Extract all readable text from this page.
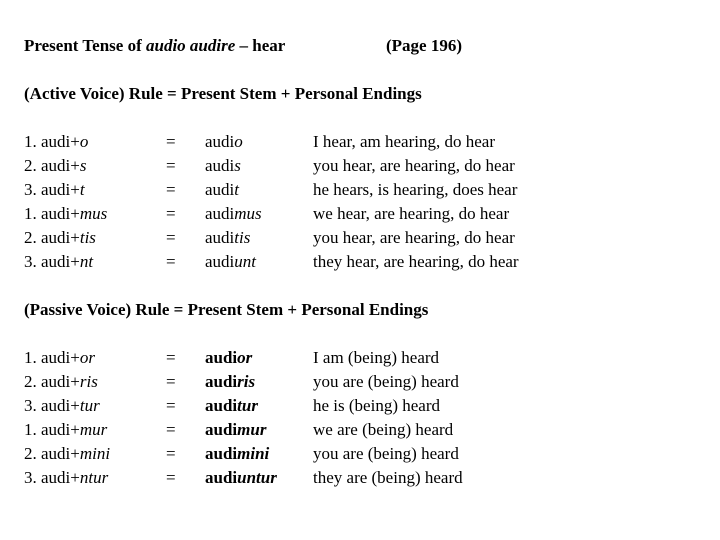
Present Tense of audio audire – hear	(Page 196)
(Active Voice) Rule = Present Stem + Personal Endings
1. audi+o	= audio	I hear, am hearing, do hear
2. audi+s	= audis	you hear, are hearing, do hear
3. audi+t	= audit	he hears, is hearing, does hear
1. audi+mus	= audimus	we hear, are hearing, do hear
2. audi+tis	= auditis	you hear, are hearing, do hear
3. audi+nt	= audiunt	they hear, are hearing, do hear
(Passive Voice) Rule = Present Stem + Personal Endings
1. audi+or	= audior	I am (being) heard
2. audi+ris	= audiris	you are (being) heard
3. audi+tur	= auditur	he is (being) heard
1. audi+mur	= audimur	we are (being) heard
2. audi+mini	= audimini	you are (being) heard
3. audi+ntur	= audiuntur they are (being) heard
